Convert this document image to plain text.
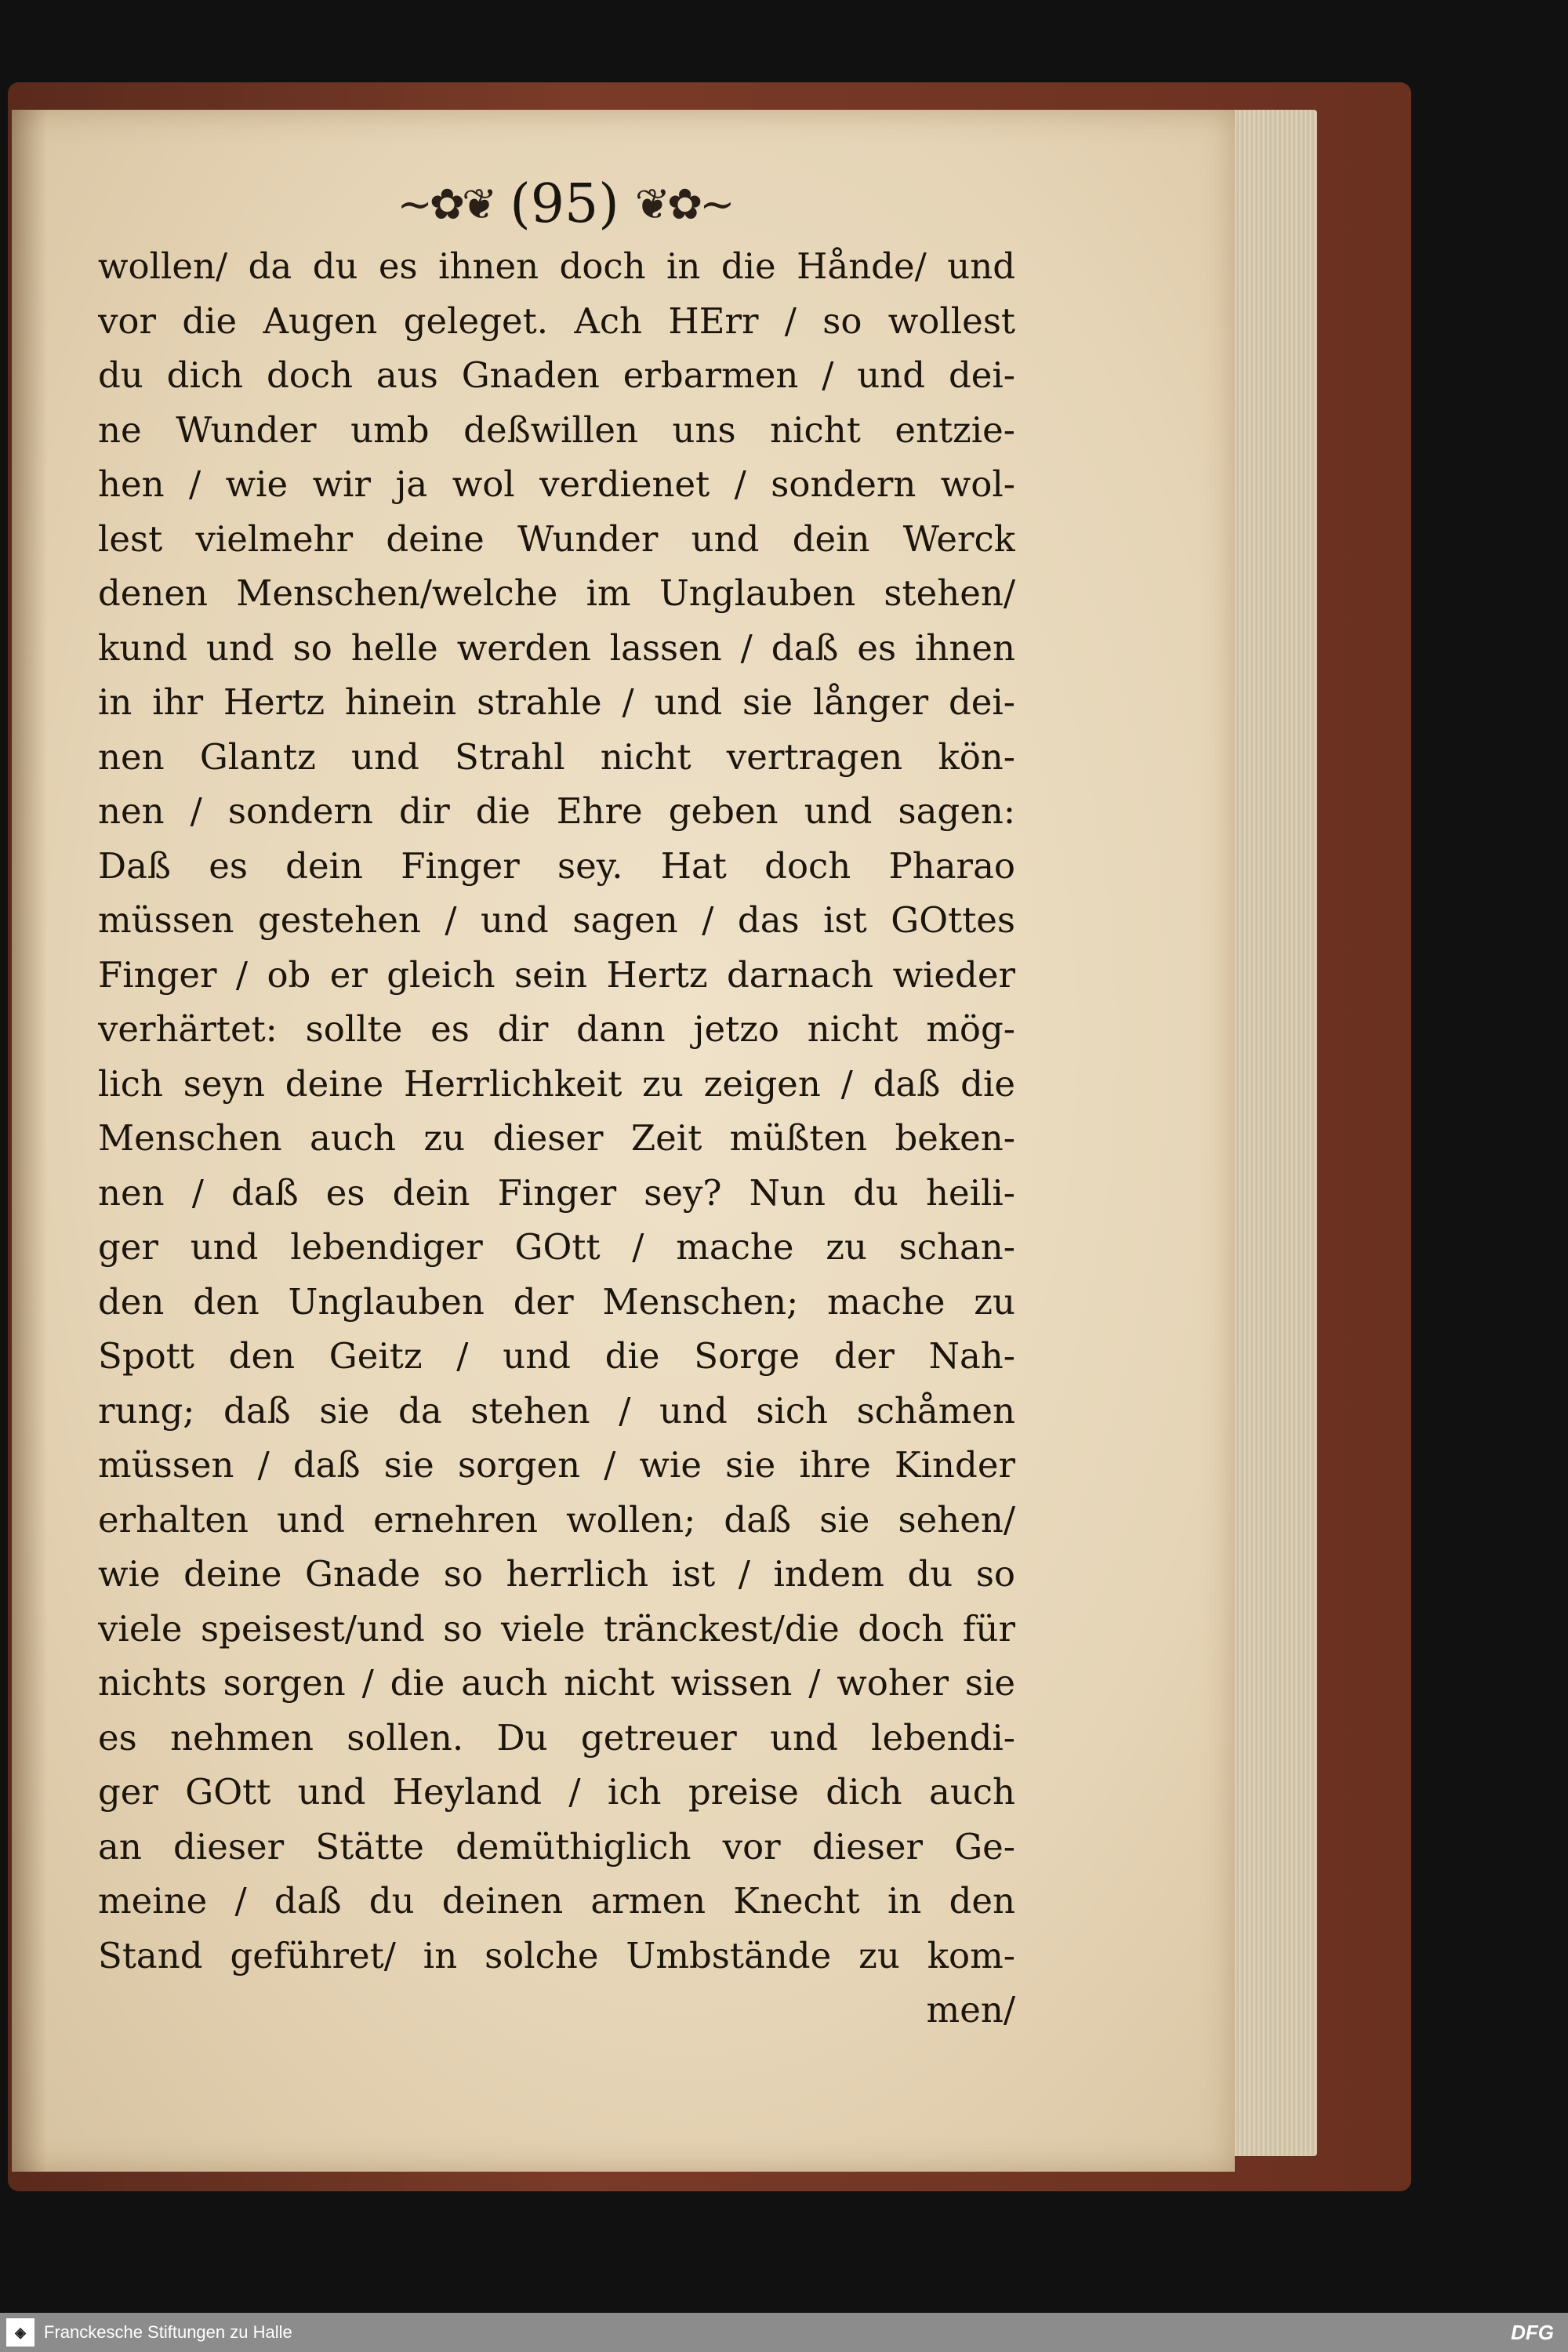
~✿❦ (95) ❦✿~
wollen/ da du es ihnen doch in die Hånde/ und
vor die Augen geleget. Ach HErr / so wollest
du dich doch aus Gnaden erbarmen / und dei-
ne Wunder umb deßwillen uns nicht entzie-
hen / wie wir ja wol verdienet / sondern wol-
lest vielmehr deine Wunder und dein Werck
denen Menschen/welche im Unglauben stehen/
kund und so helle werden lassen / daß es ihnen
in ihr Hertz hinein strahle / und sie långer dei-
nen Glantz und Strahl nicht vertragen kön-
nen / sondern dir die Ehre geben und sagen:
Daß es dein Finger sey. Hat doch Pharao
müssen gestehen / und sagen / das ist GOttes
Finger / ob er gleich sein Hertz darnach wieder
verhärtet: sollte es dir dann jetzo nicht mög-
lich seyn deine Herrlichkeit zu zeigen / daß die
Menschen auch zu dieser Zeit müßten beken-
nen / daß es dein Finger sey? Nun du heili-
ger und lebendiger GOtt / mache zu schan-
den den Unglauben der Menschen; mache zu
Spott den Geitz / und die Sorge der Nah-
rung; daß sie da stehen / und sich schåmen
müssen / daß sie sorgen / wie sie ihre Kinder
erhalten und ernehren wollen; daß sie sehen/
wie deine Gnade so herrlich ist / indem du so
viele speisest/und so viele tränckest/die doch für
nichts sorgen / die auch nicht wissen / woher sie
es nehmen sollen. Du getreuer und lebendi-
ger GOtt und Heyland / ich preise dich auch
an dieser Stätte demüthiglich vor dieser Ge-
meine / daß du deinen armen Knecht in den
Stand geführet/ in solche Umbstände zu kom-
men/
◈	Franckesche Stiftungen zu Halle	DFG
